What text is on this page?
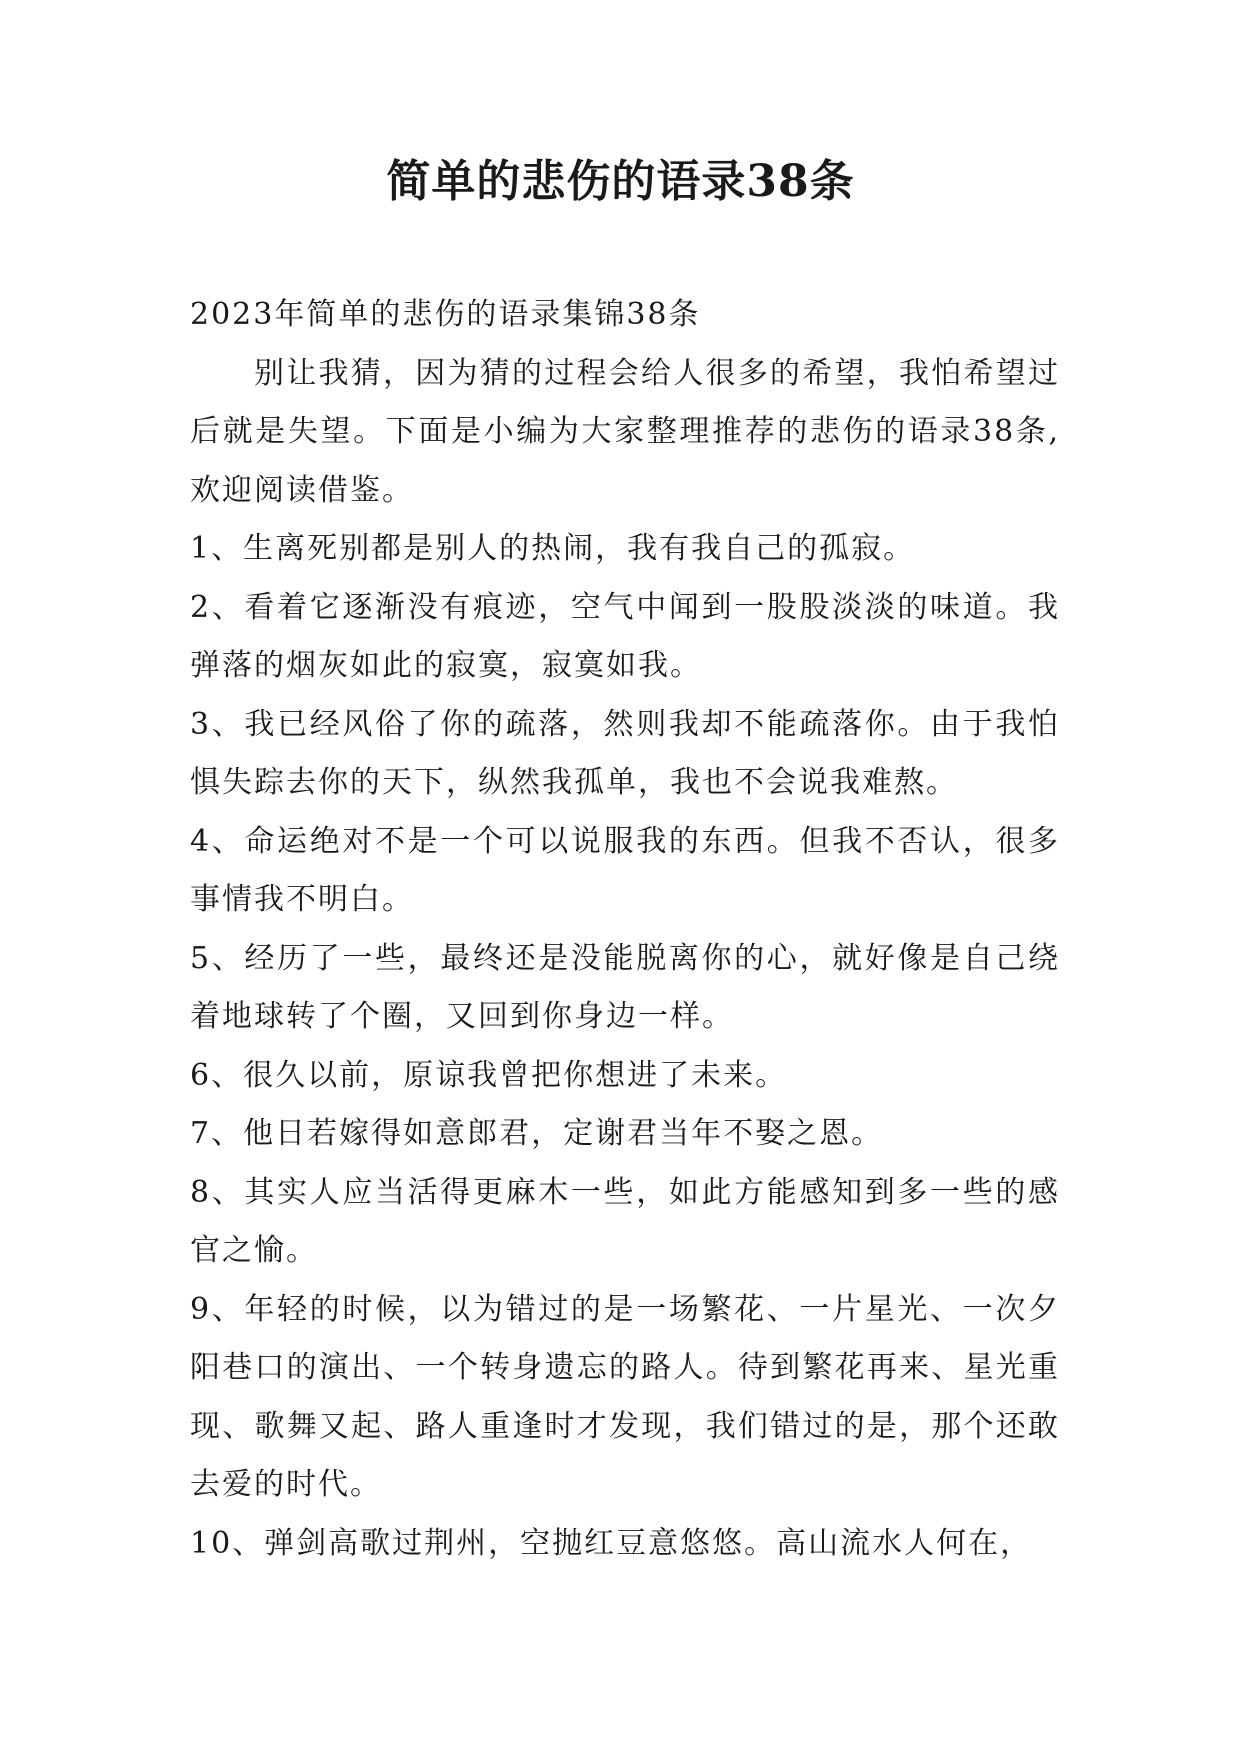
简单的悲伤的语录38条

2023年简单的悲伤的语录集锦38条

别让我猜，因为猜的过程会给人很多的希望，我怕希望过后就是失望。下面是小编为大家整理推荐的悲伤的语录38条,欢迎阅读借鉴。

1、生离死别都是别人的热闹，我有我自己的孤寂。

2、看着它逐渐没有痕迹，空气中闻到一股股淡淡的味道。我弹落的烟灰如此的寂寞，寂寞如我。

3、我已经风俗了你的疏落，然则我却不能疏落你。由于我怕惧失踪去你的天下，纵然我孤单，我也不会说我难熬。

4、命运绝对不是一个可以说服我的东西。但我不否认，很多事情我不明白。

5、经历了一些，最终还是没能脱离你的心，就好像是自己绕着地球转了个圈，又回到你身边一样。

6、很久以前，原谅我曾把你想进了未来。

7、他日若嫁得如意郎君，定谢君当年不娶之恩。

8、其实人应当活得更麻木一些，如此方能感知到多一些的感官之愉。

9、年轻的时候，以为错过的是一场繁花、一片星光、一次夕阳巷口的演出、一个转身遗忘的路人。待到繁花再来、星光重现、歌舞又起、路人重逢时才发现，我们错过的是，那个还敢去爱的时代。

10、弹剑高歌过荆州，空抛红豆意悠悠。高山流水人何在，
